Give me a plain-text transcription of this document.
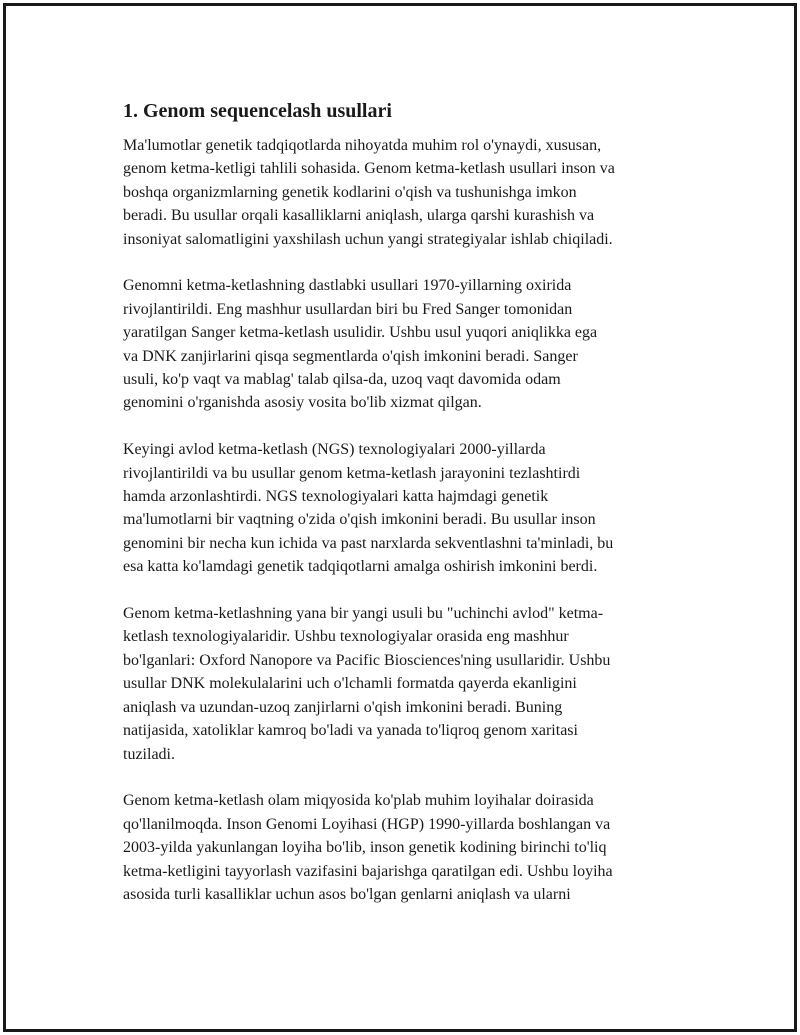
1. Genom sequencelash usullari
Ma'lumotlar genetik tadqiqotlarda nihoyatda muhim rol o'ynaydi, xususan,
genom ketma-ketligi tahlili sohasida. Genom ketma-ketlash usullari inson va
boshqa organizmlarning genetik kodlarini o'qish va tushunishga imkon
beradi. Bu usullar orqali kasalliklarni aniqlash, ularga qarshi kurashish va
insoniyat salomatligini yaxshilash uchun yangi strategiyalar ishlab chiqiladi.
Genomni ketma-ketlashning dastlabki usullari 1970-yillarning oxirida
rivojlantirildi. Eng mashhur usullardan biri bu Fred Sanger tomonidan
yaratilgan Sanger ketma-ketlash usulidir. Ushbu usul yuqori aniqlikka ega
va DNK zanjirlarini qisqa segmentlarda o'qish imkonini beradi. Sanger
usuli, ko'p vaqt va mablag' talab qilsa-da, uzoq vaqt davomida odam
genomini o'rganishda asosiy vosita bo'lib xizmat qilgan.
Keyingi avlod ketma-ketlash (NGS) texnologiyalari 2000-yillarda
rivojlantirildi va bu usullar genom ketma-ketlash jarayonini tezlashtirdi
hamda arzonlashtirdi. NGS texnologiyalari katta hajmdagi genetik
ma'lumotlarni bir vaqtning o'zida o'qish imkonini beradi. Bu usullar inson
genomini bir necha kun ichida va past narxlarda sekventlashni ta'minladi, bu
esa katta ko'lamdagi genetik tadqiqotlarni amalga oshirish imkonini berdi.
Genom ketma-ketlashning yana bir yangi usuli bu "uchinchi avlod" ketma-
ketlash texnologiyalaridir. Ushbu texnologiyalar orasida eng mashhur
bo'lganlari: Oxford Nanopore va Pacific Biosciences'ning usullaridir. Ushbu
usullar DNK molekulalarini uch o'lchamli formatda qayerda ekanligini
aniqlash va uzundan-uzoq zanjirlarni o'qish imkonini beradi. Buning
natijasida, xatoliklar kamroq bo'ladi va yanada to'liqroq genom xaritasi
tuziladi.
Genom ketma-ketlash olam miqyosida ko'plab muhim loyihalar doirasida
qo'llanilmoqda. Inson Genomi Loyihasi (HGP) 1990-yillarda boshlangan va
2003-yilda yakunlangan loyiha bo'lib, inson genetik kodining birinchi to'liq
ketma-ketligini tayyorlash vazifasini bajarishga qaratilgan edi. Ushbu loyiha
asosida turli kasalliklar uchun asos bo'lgan genlarni aniqlash va ularni
